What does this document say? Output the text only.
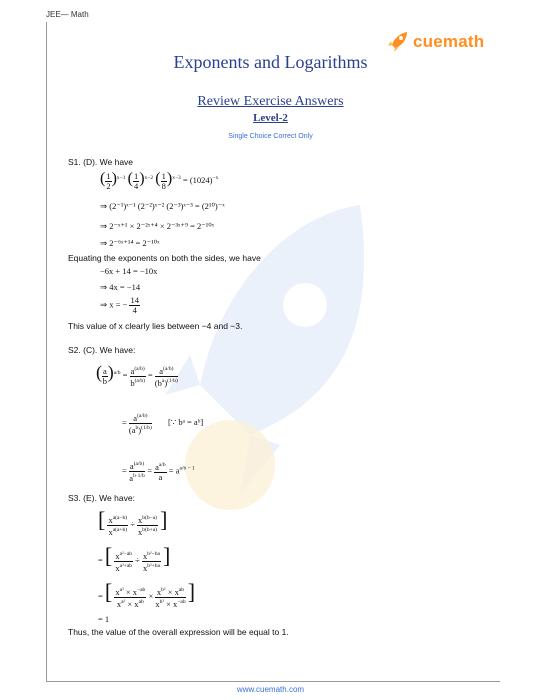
JEE— Math
cuemath
Exponents and Logarithms
Review Exercise Answers
Level-2
Single Choice Correct Only
S1. (D). We have
( $\frac{1}{2} )^{x-1}$ ( $\frac{1}{4} )^{x-2}$ ( $\frac{1}{8} )^{x-3} = (1024)^{-x}$
⇒ (2⁻¹)ˣ⁻¹ (2⁻²)ˣ⁻² (2⁻³)ˣ⁻³ = (2¹⁰)⁻ˣ
⇒ 2⁻ˣ⁺¹ × 2⁻²ˣ⁺⁴ × 2⁻³ˣ⁺⁹ = 2⁻¹⁰ˣ
⇒ 2⁻⁶ˣ⁺¹⁴ = 2⁻¹⁰ˣ
Equating the exponents on both the sides, we have
−6x + 14 = −10x
⇒ 4x = −14
⇒ x = − $\frac{14}{4}$
This value of x clearly lies between −4 and −3.
S2. (C). We have:
( $\frac{a}{b} )^{a/b} = \frac{a^{(a/b)}}{b^{(a/b)}} = \frac{a^{(a/b)}}{(b^a)^{(1/b)}}$
= $\frac{a^{(a/b)}}{(a^b)^{(1/b)}}$ [∵ bᵃ = aᵇ]
= $\frac{a^{(a/b)}}{a^{b\cdot 1/b}} = \frac{a^{a/b}}{a} = a^{a/b - 1}$
S3. (E). We have:
[ $\frac{x^{a(a-b)}}{x^{a(a+b)}} \div \frac{x^{b(b-a)}}{x^{b(b+a)}}$ ]
= [ $\frac{x^{a^2-ab}}{x^{a^2+ab}} \div \frac{x^{b^2-ba}}{x^{b^2+ba}}$ ]
= [ $\frac{x^{a^2} \times x^{-ab}}{x^{a^2} \times x^{ab}} \times \frac{x^{b^2} \times x^{ab}}{x^{b^2} \times x^{-ab}}$ ]
= 1
Thus, the value of the overall expression will be equal to 1.
www.cuemath.com
